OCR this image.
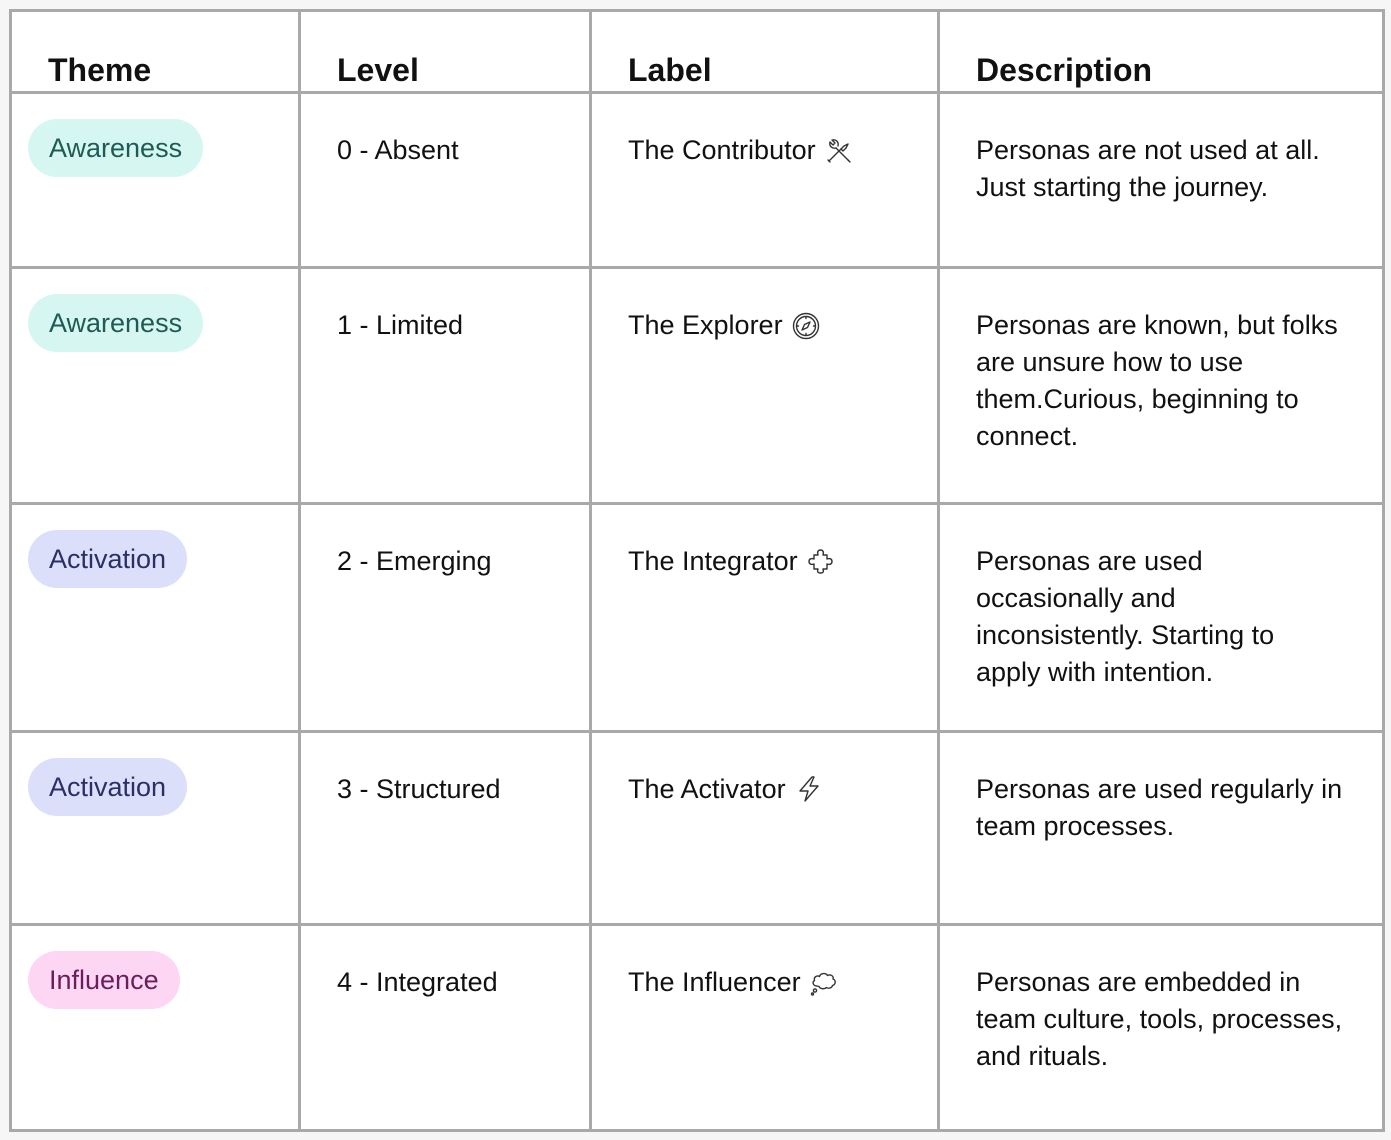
Theme	Level	Label	Description
Awareness	0 - Absent	The Contributor	Personas are not used at all. Just starting the journey.
Awareness	1 - Limited	The Explorer	Personas are known, but folks are unsure how to use them.Curious, beginning to connect.
Activation	2 - Emerging	The Integrator	Personas are used occasionally and inconsistently. Starting to apply with intention.
Activation	3 - Structured	The Activator	Personas are used regularly in team processes.
Influence	4 - Integrated	The Influencer	Personas are embedded in team culture, tools, processes, and rituals.
